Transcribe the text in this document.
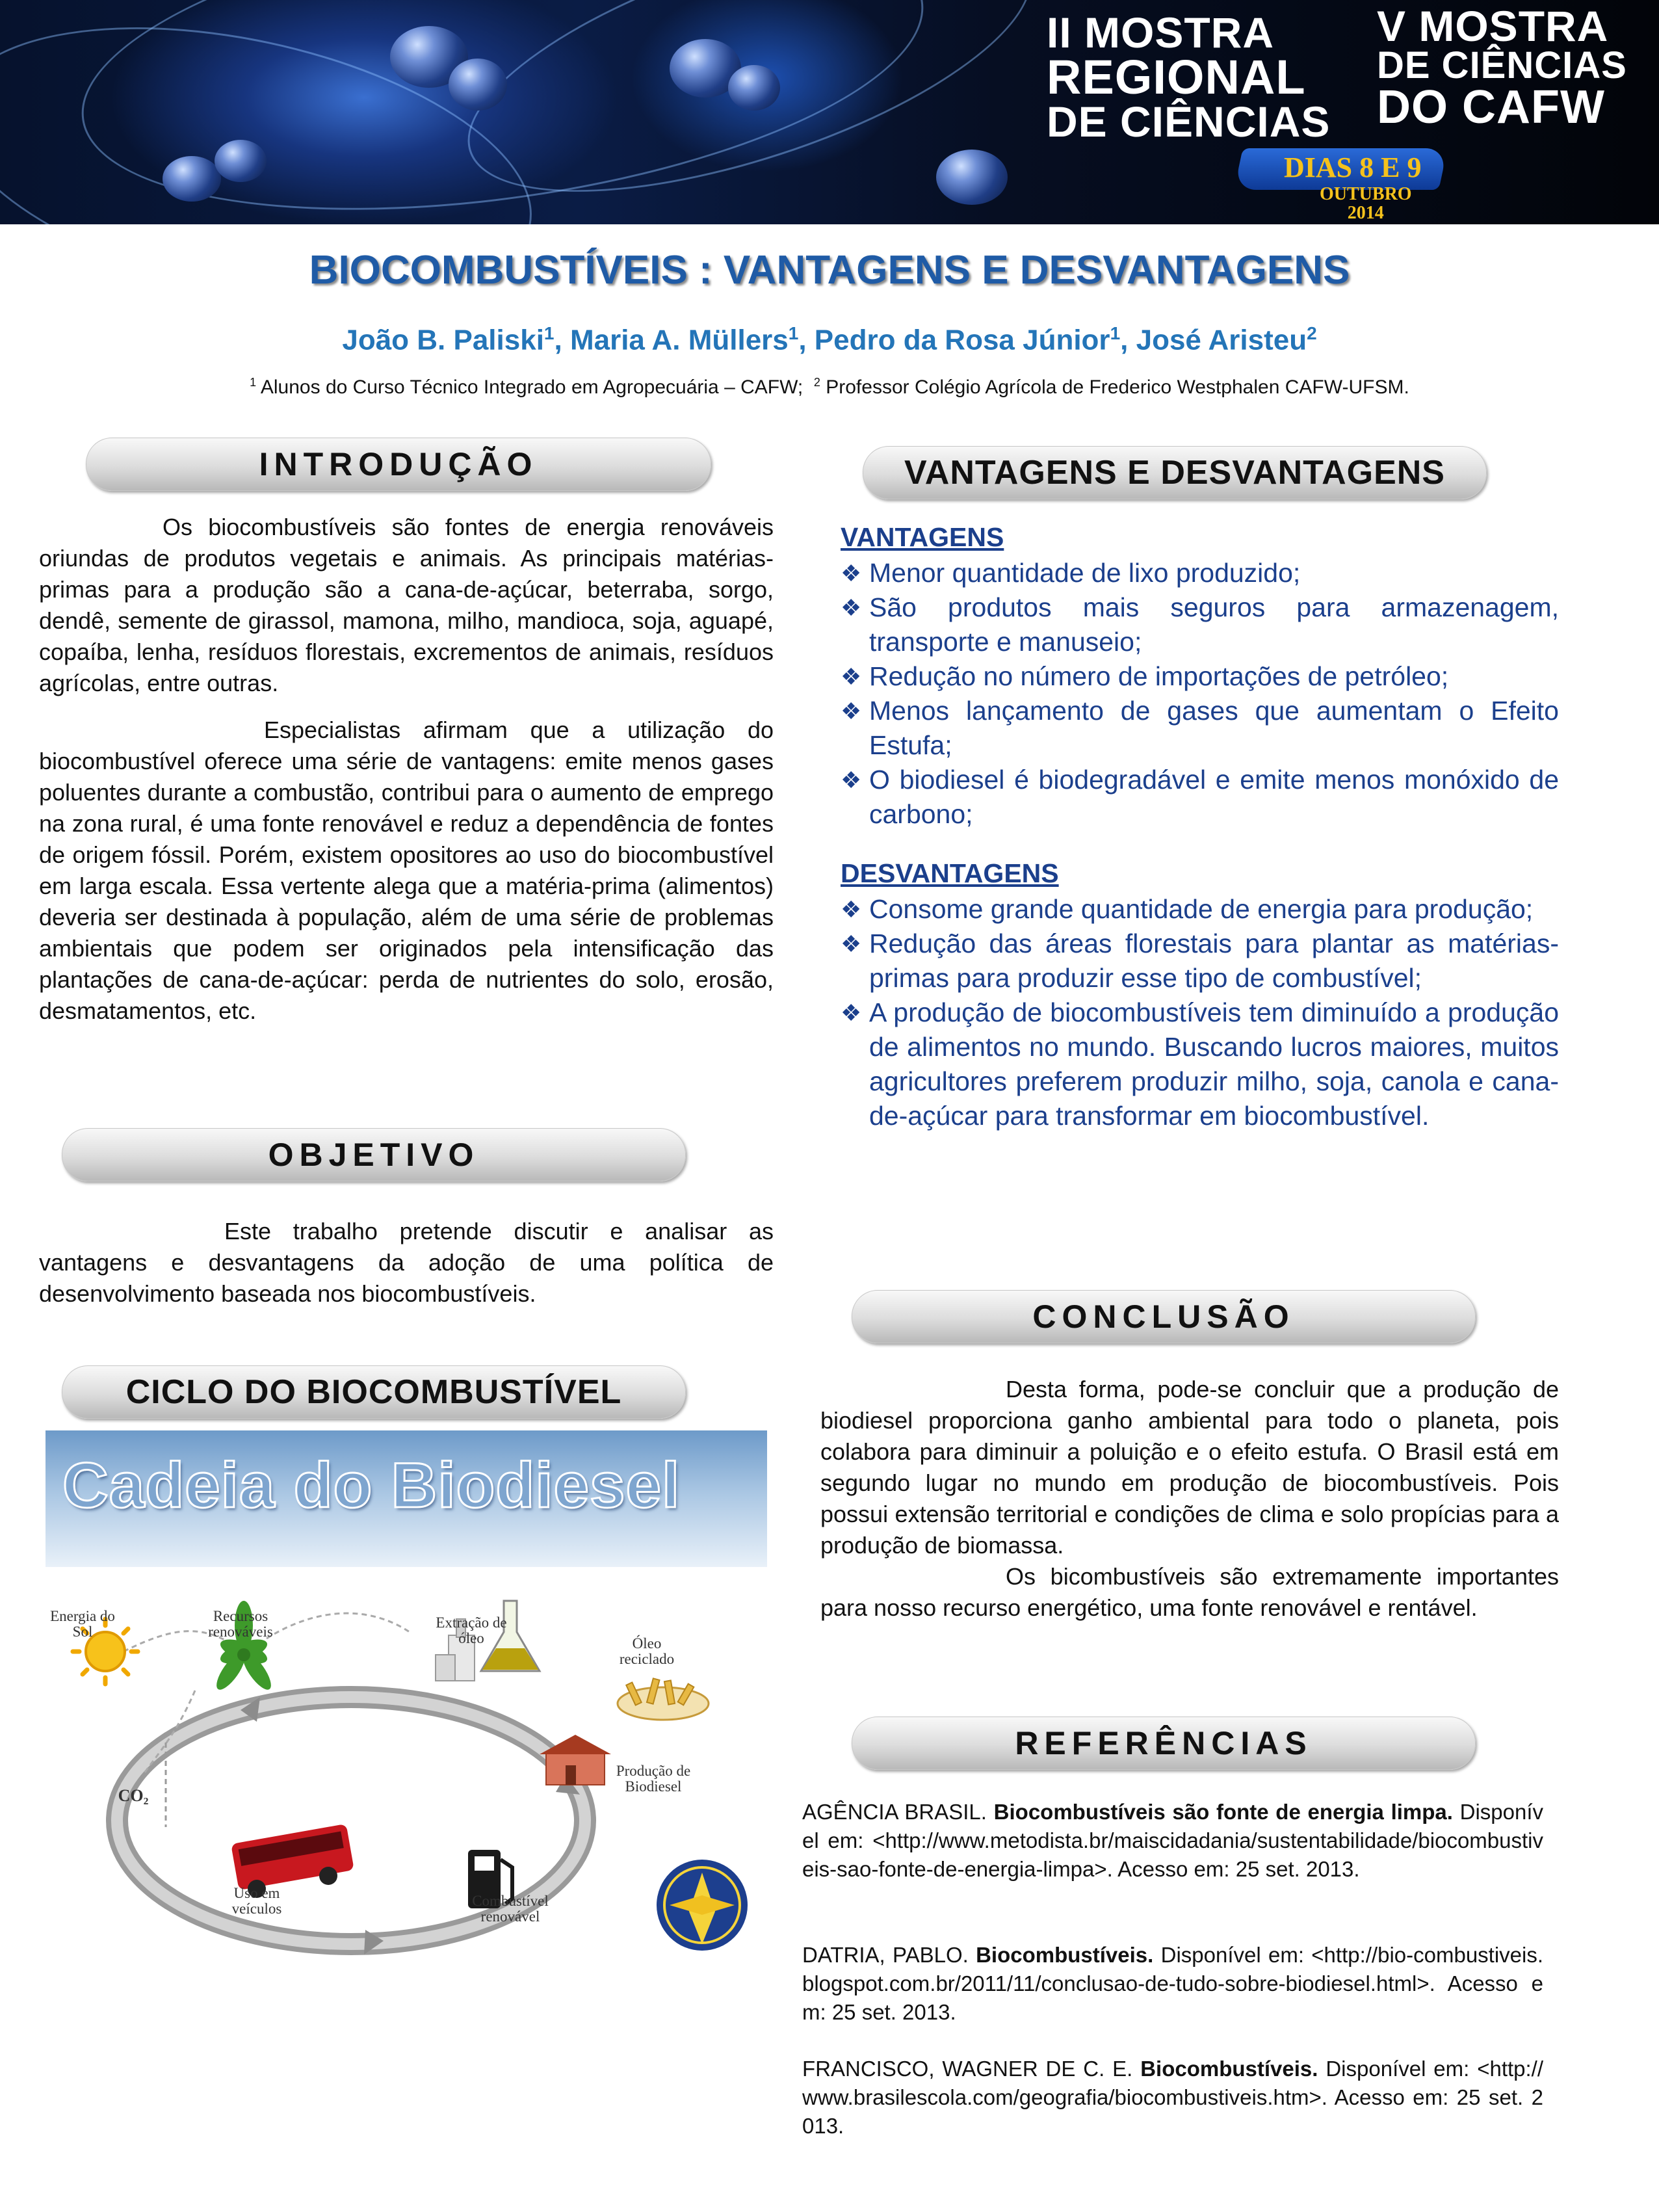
II MOSTRA
REGIONAL
DE CIÊNCIAS
V MOSTRA
DE CIÊNCIAS
DO CAFW
DIAS 8 E 9
OUTUBRO
2014
BIOCOMBUSTÍVEIS : VANTAGENS E DESVANTAGENS
João B. Paliski$^1$, Maria A. Müllers$^1$, Pedro da Rosa Júnior$^1$, José Aristeu$^2$
$^1$ Alunos do Curso Técnico Integrado em Agropecuária – CAFW; $^2$ Professor Colégio Agrícola de Frederico Westphalen CAFW-UFSM.
INTRODUÇÃO

Os biocombustíveis são fontes de energia renováveis oriundas de produtos vegetais e animais. As principais matérias-primas para a produção são a cana-de-açúcar, beterraba, sorgo, dendê, semente de girassol, mamona, milho, mandioca, soja, aguapé, copaíba, lenha, resíduos florestais, excrementos de animais, resíduos agrícolas, entre outras.

Especialistas afirmam que a utilização do biocombustível oferece uma série de vantagens: emite menos gases poluentes durante a combustão, contribui para o aumento de emprego na zona rural, é uma fonte renovável e reduz a dependência de fontes de origem fóssil. Porém, existem opositores ao uso do biocombustível em larga escala. Essa vertente alega que a matéria-prima (alimentos) deveria ser destinada à população, além de uma série de problemas ambientais que podem ser originados pela intensificação das plantações de cana-de-açúcar: perda de nutrientes do solo, erosão, desmatamentos, etc.

OBJETIVO

Este trabalho pretende discutir e analisar as vantagens e desvantagens da adoção de uma política de desenvolvimento baseada nos biocombustíveis.

CICLO DO BIOCOMBUSTÍVEL
Cadeia do Biodiesel
Energia do Sol
Recursos renováveis
Extração de óleo	Óleo reciclado
Produção de Biodiesel
CO₂
Uso em veículos	Combustível renovável
VANTAGENS E DESVANTAGENS
VANTAGENS
❖ Menor quantidade de lixo produzido;
❖ São produtos mais seguros para armazenagem, transporte e manuseio;
❖ Redução no número de importações de petróleo;
❖ Menos lançamento de gases que aumentam o Efeito Estufa;
❖ O biodiesel é biodegradável e emite menos monóxido de carbono;
DESVANTAGENS
❖ Consome grande quantidade de energia para produção;
❖ Redução das áreas florestais para plantar as matérias-primas para produzir esse tipo de combustível;
❖ A produção de biocombustíveis tem diminuído a produção de alimentos no mundo. Buscando lucros maiores, muitos agricultores preferem produzir milho, soja, canola e cana-de-açúcar para transformar em biocombustível.
CONCLUSÃO

Desta forma, pode-se concluir que a produção de biodiesel proporciona ganho ambiental para todo o planeta, pois colabora para diminuir a poluição e o efeito estufa. O Brasil está em segundo lugar no mundo em produção de biocombustíveis. Pois possui extensão territorial e condições de clima e solo propícias para a produção de biomassa.

Os bicombustíveis são extremamente importantes para nosso recurso energético, uma fonte renovável e rentável.

REFERÊNCIAS
AGÊNCIA BRASIL. Biocombustíveis são fonte de energia limpa. Disponível em: <http://www.metodista.br/maiscidadania/sustentabilidade/biocombustiveis-sao-fonte-de-energia-limpa>. Acesso em: 25 set. 2013.
DATRIA, PABLO. Biocombustíveis. Disponível em: <http://bio-combustiveis.blogspot.com.br/2011/11/conclusao-de-tudo-sobre-biodiesel.html>. Acesso em: 25 set. 2013.
FRANCISCO, WAGNER DE C. E. Biocombustíveis. Disponível em: <http://www.brasilescola.com/geografia/biocombustiveis.htm>. Acesso em: 25 set. 2013.
